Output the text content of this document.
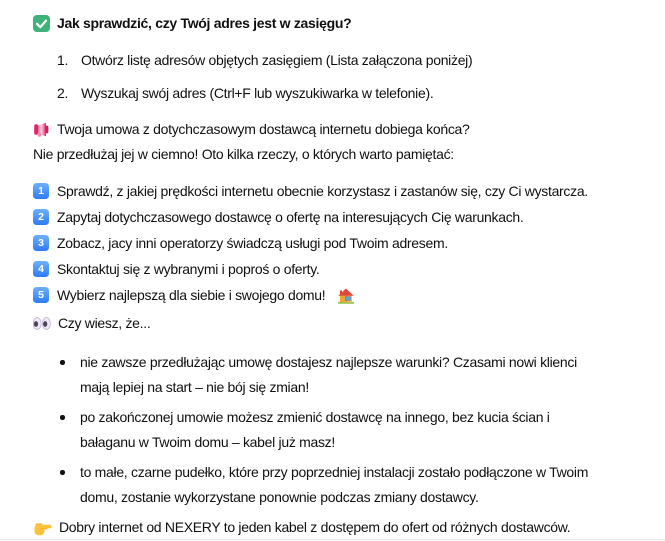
Jak sprawdzić, czy Twój adres jest w zasięgu?
1. Otwórz listę adresów objętych zasięgiem (Lista załączona poniżej)
2. Wyszukaj swój adres (Ctrl+F lub wyszukiwarka w telefonie).
Twoja umowa z dotychczasowym dostawcą internetu dobiega końca?
Nie przedłużaj jej w ciemno! Oto kilka rzeczy, o których warto pamiętać:
1 Sprawdź, z jakiej prędkości internetu obecnie korzystasz i zastanów się, czy Ci wystarcza.
2 Zapytaj dotychczasowego dostawcę o ofertę na interesujących Cię warunkach.
3 Zobacz, jacy inni operatorzy świadczą usługi pod Twoim adresem.
4 Skontaktuj się z wybranymi i poproś o oferty.
5 Wybierz najlepszą dla siebie i swojego domu!
Czy wiesz, że...
nie zawsze przedłużając umowę dostajesz najlepsze warunki? Czasami nowi klienci
mają lepiej na start – nie bój się zmian!
po zakończonej umowie możesz zmienić dostawcę na innego, bez kucia ścian i
bałaganu w Twoim domu – kabel już masz!
to małe, czarne pudełko, które przy poprzedniej instalacji zostało podłączone w Twoim
domu, zostanie wykorzystane ponownie podczas zmiany dostawcy.
Dobry internet od NEXERY to jeden kabel z dostępem do ofert od różnych dostawców.
